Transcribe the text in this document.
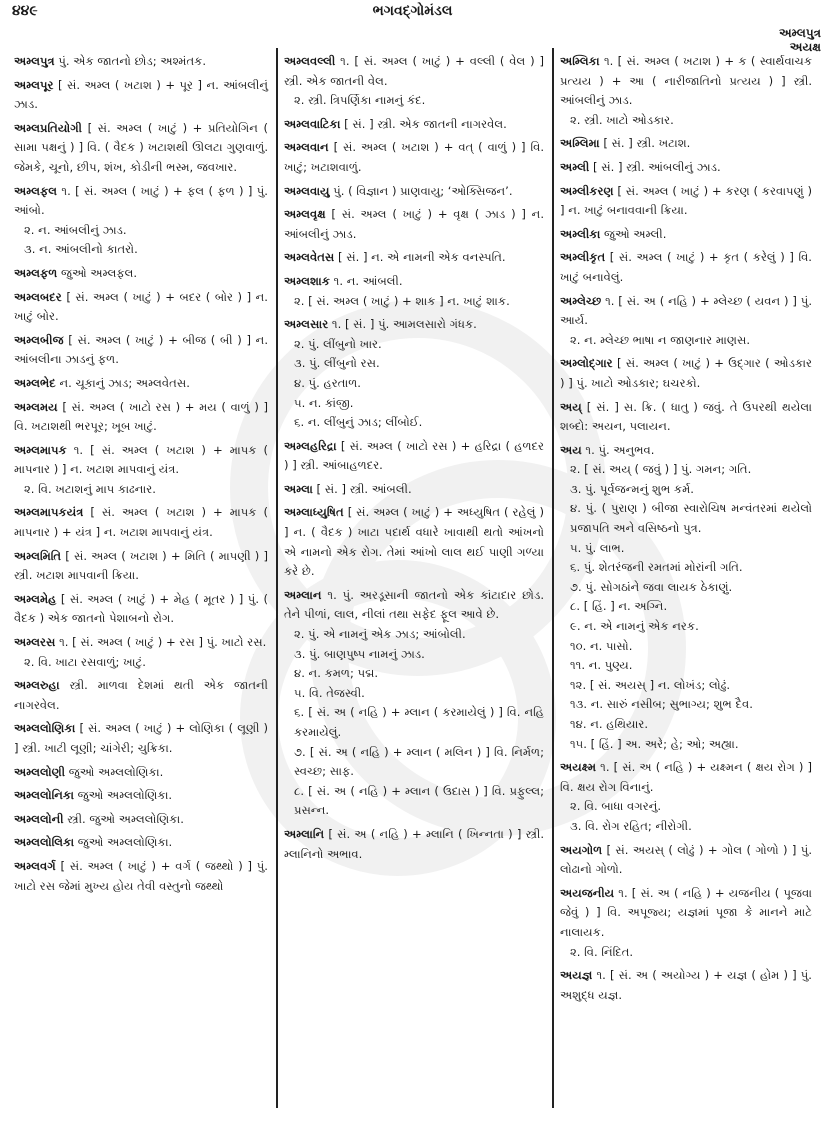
૪૪૯	ભગવદ્ગોમંડલ
અમ્લપુત્ર
અયક્ષ
અમ્લપુત્ર પું. એક જાતનો છોડ; અશ્મંતક.
અમ્લપૂર [ સં. અમ્લ ( ખટાશ ) + પૂર ] ન. આંબલીનું ઝાડ.
અમ્લપ્રતિયોગી [ સં. અમ્લ ( ખાટું ) + પ્રતિયોગિન ( સામા પક્ષનું ) ] વિ. ( વૈદક ) ખટાશથી ઊલટા ગુણવાળું. જેમકે, ચૂનો, છીપ, શંખ, કોડીની ભસ્મ, જવખાર.
અમ્લફલ ૧. [ સં. અમ્લ ( ખાટું ) + ફલ ( ફળ ) ] પું. આંબો.
૨. ન. આંબલીનું ઝાડ.
૩. ન. આંબલીનો કાતરો.
અમ્લફળ જુઓ અમ્લફલ.
અમ્લબદર [ સં. અમ્લ ( ખાટું ) + બદર ( બોર ) ] ન. ખાટું બોર.
અમ્લબીજ [ સં. અમ્લ ( ખાટું ) + બીજ ( બી ) ] ન. આંબલીના ઝાડનું ફળ.
અમ્લભેદ ન. ચૂકાનું ઝાડ; અમ્લવેતસ.
અમ્લમય [ સં. અમ્લ ( ખાટો રસ ) + મય ( વાળું ) ] વિ. ખટાશથી ભરપૂર; ખૂબ ખાટું.
અમ્લમાપક ૧. [ સં. અમ્લ ( ખટાશ ) + માપક ( માપનાર ) ] ન. ખટાશ માપવાનું યંત્ર.
૨. વિ. ખટાશનું માપ કાઢનાર.
અમ્લમાપકયંત્ર [ સં. અમ્લ ( ખટાશ ) + માપક ( માપનાર ) + યંત્ર ] ન. ખટાશ માપવાનું યંત્ર.
અમ્લમિતિ [ સં. અમ્લ ( ખટાશ ) + મિતિ ( માપણી ) ] સ્ત્રી. ખટાશ માપવાની ક્રિયા.
અમ્લમેહ [ સં. અમ્લ ( ખાટું ) + મેહ ( મૂતર ) ] પું. ( વૈદક ) એક જાતનો પેશાબનો રોગ.
અમ્લરસ ૧. [ સં. અમ્લ ( ખાટું ) + રસ ] પું. ખાટો રસ.
૨. વિ. ખાટા રસવાળું; ખાટું.
અમ્લરુહા સ્ત્રી. માળવા દેશમાં થતી એક જાતની નાગરવેલ.
અમ્લલોણિકા [ સં. અમ્લ ( ખાટું ) + લોણિકા ( લૂણી ) ] સ્ત્રી. ખાટી લૂણી; ચાંગેરી; ચુક્રિકા.
અમ્લલોણી જુઓ અમ્લલોણિકા.
અમ્લલોનિકા જુઓ અમ્લલોણિકા.
અમ્લલોની સ્ત્રી. જુઓ અમ્લલોણિકા.
અમ્લલોલિકા જુઓ અમ્લલોણિકા.
અમ્લવર્ગ [ સં. અમ્લ ( ખાટું ) + વર્ગ ( જથ્થો ) ] પું. ખાટો રસ જેમાં મુખ્ય હોય તેવી વસ્તુનો જથ્થો
અમ્લવલ્લી ૧. [ સં. અમ્લ ( ખાટું ) + વલ્લી ( વેલ ) ] સ્ત્રી. એક જાતની વેલ.
૨. સ્ત્રી. ત્રિપર્ણિકા નામનું કંદ.
અમ્લવાટિકા [ સં. ] સ્ત્રી. એક જાતની નાગરવેલ.
અમ્લવાન [ સં. અમ્લ ( ખટાશ ) + વત્ ( વાળું ) ] વિ. ખાટું; ખટાશવાળું.
અમ્લવાયુ પું. ( વિજ્ઞાન ) પ્રાણવાયુ; ‘ઓક્સિજન’.
અમ્લવૃક્ષ [ સં. અમ્લ ( ખાટું ) + વૃક્ષ ( ઝાડ ) ] ન. આંબલીનું ઝાડ.
અમ્લવેતસ [ સં. ] ન. એ નામની એક વનસ્પતિ.
અમ્લશાક ૧. ન. આંબલી.
૨. [ સં. અમ્લ ( ખાટું ) + શાક ] ન. ખાટું શાક.
અમ્લસાર ૧. [ સં. ] પું. આમલસારો ગંધક.
૨. પું. લીંબુનો ખાર.
૩. પું. લીંબુનો રસ.
૪. પું. હરતાળ.
૫. ન. કાંજી.
૬. ન. લીંબુનું ઝાડ; લીંબોઈ.
અમ્લહરિદ્રા [ સં. અમ્લ ( ખાટો રસ ) + હરિદ્રા ( હળદર ) ] સ્ત્રી. આંબાહળદર.
અમ્લા [ સં. ] સ્ત્રી. આંબલી.
અમ્લાધ્યુષિત [ સં. અમ્લ ( ખાટું ) + અધ્યુષિત ( રહેલું ) ] ન. ( વૈદક ) ખાટા પદાર્થ વધારે ખાવાથી થતો આંખનો એ નામનો એક રોગ. તેમાં આંખો લાલ થઈ પાણી ગળ્યા કરે છે.
અમ્લાન ૧. પું. અરડૂસાની જાતનો એક કાંટાદાર છોડ. તેને પીળાં, લાલ, નીલાં તથા સફેદ ફૂલ આવે છે.
૨. પું. એ નામનું એક ઝાડ; આંબોલી.
૩. પું. બાણપુષ્પ નામનું ઝાડ.
૪. ન. કમળ; પદ્મ.
૫. વિ. તેજસ્વી.
૬. [ સં. અ ( નહિ ) + મ્લાન ( કરમાયેલું ) ] વિ. નહિ કરમાયેલું.
૭. [ સં. અ ( નહિ ) + મ્લાન ( મલિન ) ] વિ. નિર્મળ; સ્વચ્છ; સાફ.
૮. [ સં. અ ( નહિ ) + મ્લાન ( ઉદાસ ) ] વિ. પ્રફુલ્લ; પ્રસન્ન.
અમ્લાનિ [ સં. અ ( નહિ ) + મ્લાનિ ( ખિન્નતા ) ] સ્ત્રી. મ્લાનિનો અભાવ.
અમ્લિકા ૧. [ સં. અમ્લ ( ખટાશ ) + ક ( સ્વાર્થવાચક પ્રત્યય ) + આ ( નારીજાતિનો પ્રત્યય ) ] સ્ત્રી. આંબલીનું ઝાડ.
૨. સ્ત્રી. ખાટો ઓડકાર.
અમ્લિમા [ સં. ] સ્ત્રી. ખટાશ.
અમ્લી [ સં. ] સ્ત્રી. આંબલીનું ઝાડ.
અમ્લીકરણ [ સં. અમ્લ ( ખાટું ) + કરણ ( કરવાપણું ) ] ન. ખાટું બનાવવાની ક્રિયા.
અમ્લીકા જુઓ અમ્લી.
અમ્લીકૃત [ સં. અમ્લ ( ખાટું ) + કૃત ( કરેલું ) ] વિ. ખાટું બનાવેલું.
અમ્લેચ્છ ૧. [ સં. અ ( નહિ ) + મ્લેચ્છ ( યવન ) ] પું. આર્ય.
૨. ન. મ્લેચ્છ ભાષા ન જાણનાર માણસ.
અમ્લોદ્ગાર [ સં. અમ્લ ( ખાટું ) + ઉદ્ગાર ( ઓડકાર ) ] પું. ખાટો ઓડકાર; ઘચરકો.
અય્ [ સં. ] સ. ક્રિ. ( ધાતુ ) જવું. તે ઉપરથી થયેલા શબ્દો: અયન, પલાયન.
અય ૧. પું. અનુભવ.
૨. [ સં. અય્ ( જવું ) ] પું. ગમન; ગતિ.
૩. પું. પૂર્વજન્મનું શુભ કર્મ.
૪. પું. ( પુરાણ ) બીજા સ્વારોચિષ મન્વંતરમાં થયેલો પ્રજાપતિ અને વસિષ્ઠનો પુત્ર.
૫. પું. લાભ.
૬. પું. શેતરંજની રમતમાં મોરાંની ગતિ.
૭. પું. સોગઠાંને જવા લાયક ઠેકાણું.
૮. [ હિં. ] ન. અગ્નિ.
૯. ન. એ નામનું એક નરક.
૧૦. ન. પાસો.
૧૧. ન. પુણ્ય.
૧૨. [ સં. અયસ્ ] ન. લોખંડ; લોઢું.
૧૩. ન. સારું નસીબ; સુભાગ્ય; શુભ દૈવ.
૧૪. ન. હથિયાર.
૧૫. [ હિં. ] અ. અરે; હે; ઓ; અહ્યા.
અયક્ષ્મ ૧. [ સં. અ ( નહિ ) + યક્ષ્મન ( ક્ષય રોગ ) ] વિ. ક્ષય રોગ વિનાનું.
૨. વિ. બાધા વગરનું.
૩. વિ. રોગ રહિત; નીરોગી.
અયગોળ [ સં. અયસ્ ( લોઢું ) + ગોલ ( ગોળો ) ] પું. લોઢાનો ગોળો.
અયજનીય ૧. [ સં. અ ( નહિ ) + યજનીય ( પૂજવા જેવું ) ] વિ. અપૂજ્ય; યજ્ઞમાં પૂજા કે માનને માટે નાલાયક.
૨. વિ. નિંદિત.
અયજ્ઞ ૧. [ સં. અ ( અયોગ્ય ) + યજ્ઞ ( હોમ ) ] પું. અશુદ્ધ યજ્ઞ.
